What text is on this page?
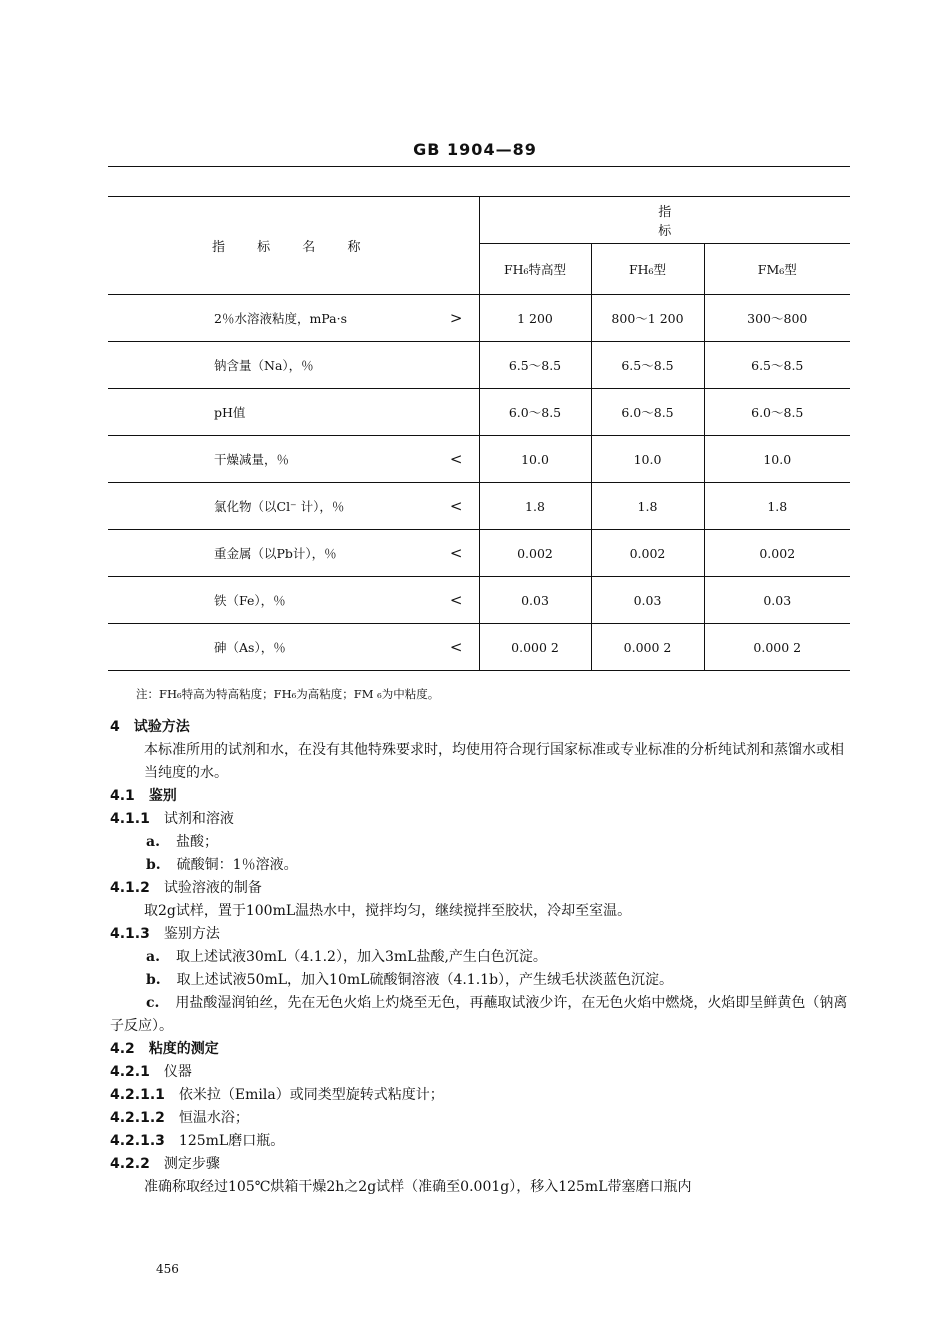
GB 1904—89
指 标 名 称	指 标		
	FH₆特高型	FH₆型	FM₆型
2％水溶液粘度，mPa·s >	1 200	800～1 200	300～800
钠含量（Na），％	6.5～8.5	6.5～8.5	6.5～8.5
pH值	6.0～8.5	6.0～8.5	6.0～8.5
干燥减量，％ <	10.0	10.0	10.0
氯化物（以Cl⁻ 计），％ <	1.8	1.8	1.8
重金属（以Pb计），％ <	0.002	0.002	0.002
铁（Fe），％ <	0.03	0.03	0.03
砷（As），％ <	0.000 2	0.000 2	0.000 2
注：FH₆特高为特高粘度；FH₆为高粘度；FM ₆为中粘度。

4 试验方法

本标准所用的试剂和水，在没有其他特殊要求时，均使用符合现行国家标准或专业标准的分析纯试剂和蒸馏水或相当纯度的水。

4.1 鉴别

4.1.1 试剂和溶液

a. 盐酸；

b. 硫酸铜：1％溶液。

4.1.2 试验溶液的制备

取2g试样，置于100mL温热水中，搅拌均匀，继续搅拌至胶状，冷却至室温。

4.1.3 鉴别方法

a. 取上述试液30mL（4.1.2），加入3mL盐酸,产生白色沉淀。

b. 取上述试液50mL，加入10mL硫酸铜溶液（4.1.1b），产生绒毛状淡蓝色沉淀。

c. 用盐酸湿润铂丝，先在无色火焰上灼烧至无色，再蘸取试液少许，在无色火焰中燃烧，火焰即呈鲜黄色（钠离子反应）。

4.2 粘度的测定

4.2.1 仪器

4.2.1.1 依米拉（Emila）或同类型旋转式粘度计；

4.2.1.2 恒温水浴；

4.2.1.3 125mL磨口瓶。

4.2.2 测定步骤

准确称取经过105℃烘箱干燥2h之2g试样（准确至0.001g），移入125mL带塞磨口瓶内

456
